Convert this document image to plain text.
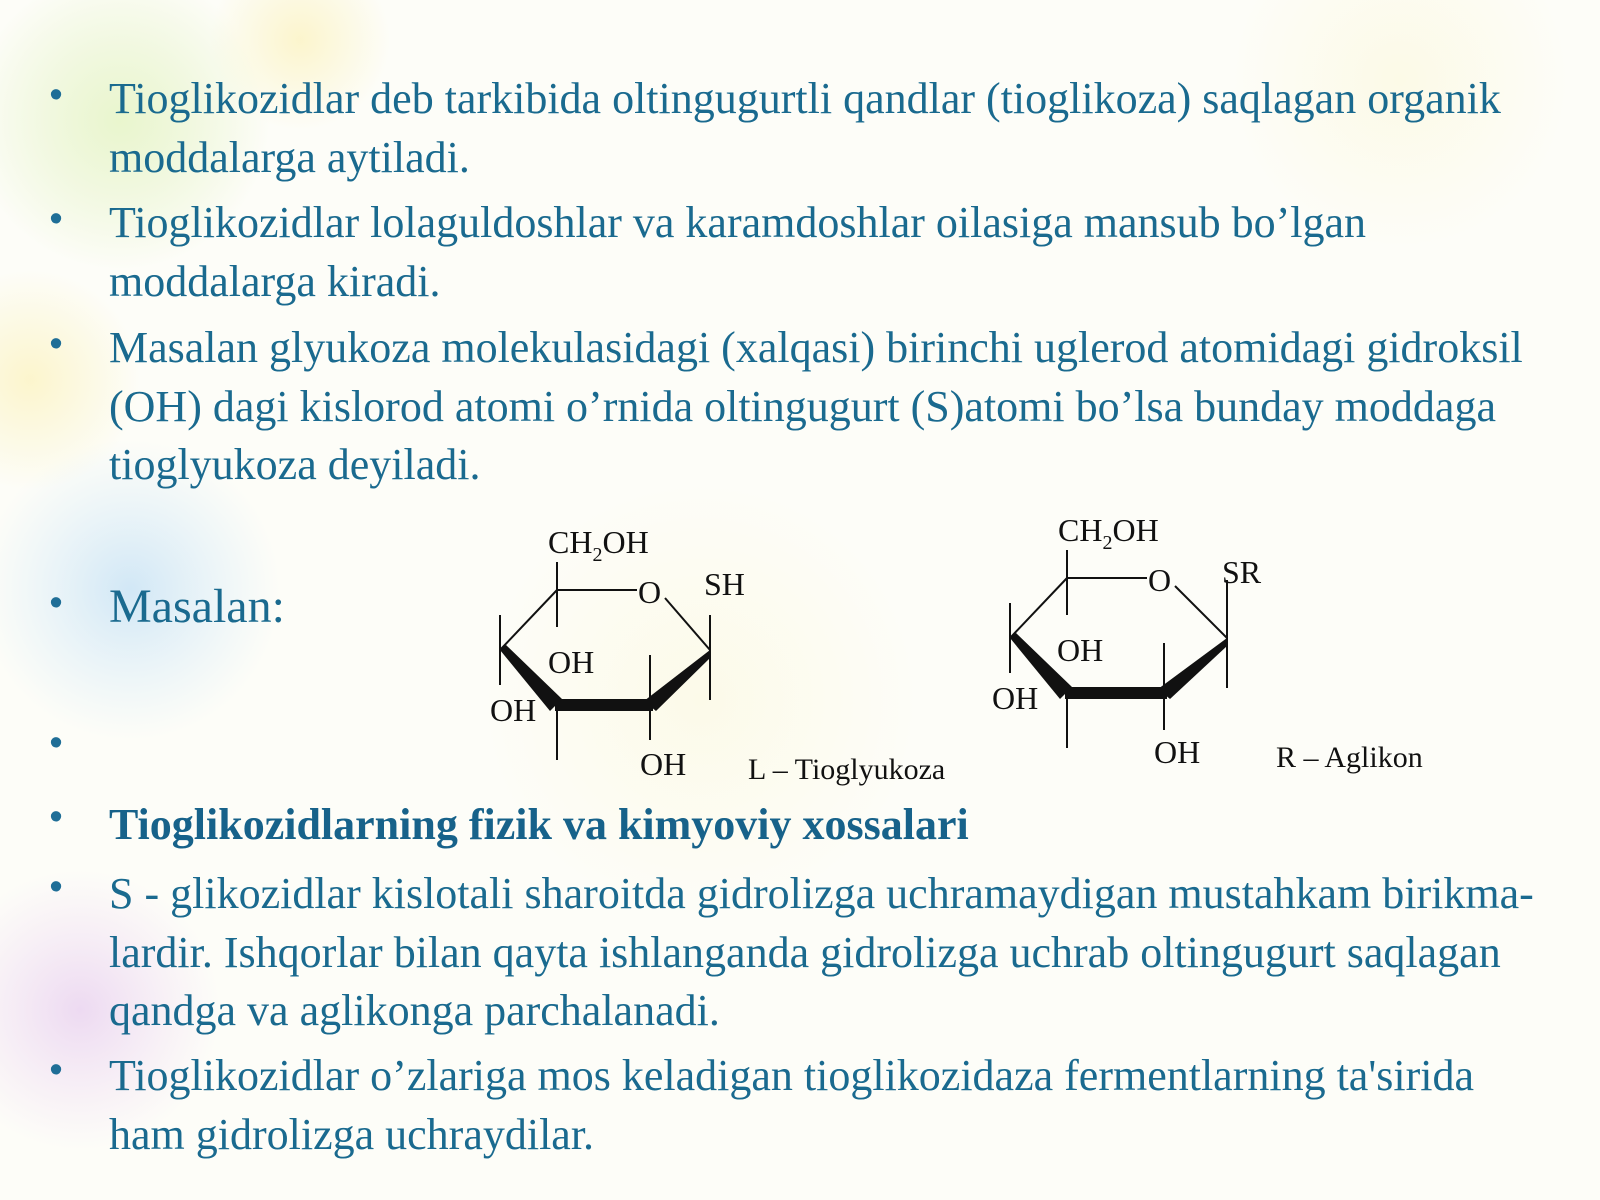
• Tioglikozidlar deb tarkibida oltingugurtli qandlar (tioglikoza) saqlagan organik moddalarga aytiladi.
• Tioglikozidlar lolaguldoshlar va karamdoshlar oilasiga mansub bo’lgan moddalarga kiradi.
• Masalan glyukoza molekulasidagi (xalqasi) birinchi uglerod atomidagi gidroksil (OH) dagi kislorod atomi o’rnida oltingugurt (S)atomi bo’lsa bunday moddaga tioglyukoza deyiladi.
• Masalan:
•
• Tioglikozidlarning fizik va kimyoviy xossalari
• S - glikozidlar kislotali sharoitda gidrolizga uchramaydigan mustahkam birikma-lardir. Ishqorlar bilan qayta ishlanganda gidrolizga uchrab oltingugurt saqlagan qandga va aglikonga parchalanadi.
• Tioglikozidlar o’zlariga mos keladigan tioglikozidaza fermentlarning ta'sirida ham gidrolizga uchraydilar.
$CH_2OH$
O SH
OH
OH
OH L – Tioglyukoza
$CH_2OH$
O SR
OH
OH
OH	R – Aglikon
